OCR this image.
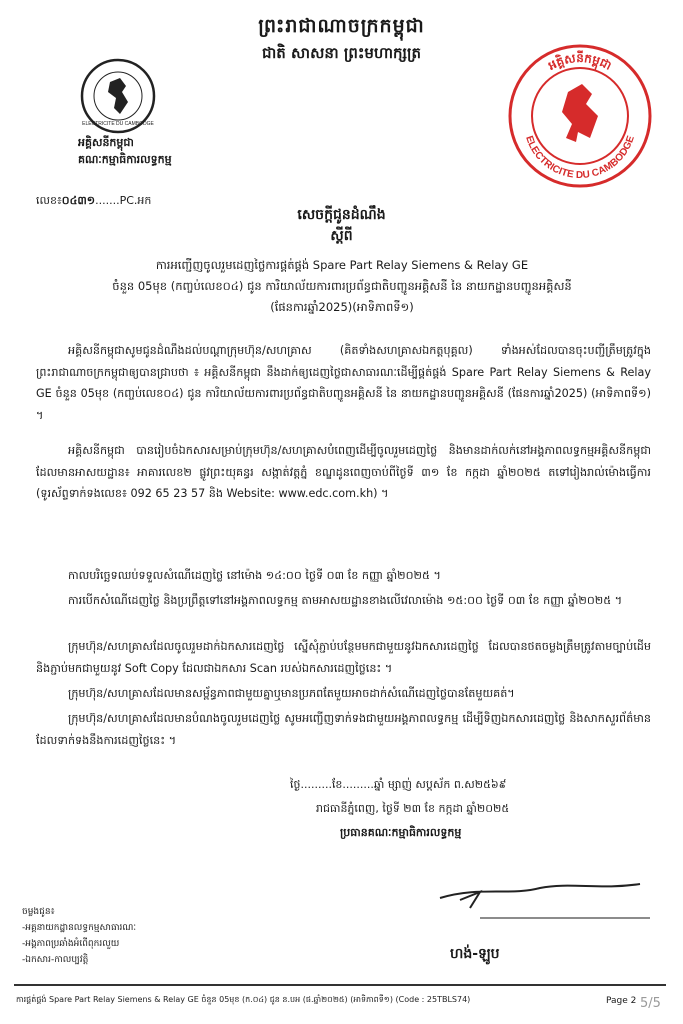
ព្រះរាជាណាចក្រកម្ពុជា
ជាតិ សាសនា ព្រះមហាក្សត្រ
ELECTRICITE DU CAMBODGE
អគ្គិសនីកម្ពុជា
គណៈកម្មាធិការលទ្ធកម្ម
លេខ៖០៤៣១.......PC.អក
អគ្គិសនីកម្ពុជា
ELECTRICITE DU CAMBODGE
សេចក្តីជូនដំណឹង
ស្តីពី
ការអញ្ជើញចូលរួមដេញថ្លៃការផ្គត់ផ្គង់ Spare Part Relay Siemens & Relay GE
ចំនួន 05មុខ (កញ្ចប់លេខ០៤) ជូន ការិយាល័យការពារប្រព័ន្ធជាតិបញ្ជូនអគ្គិសនី នៃ នាយកដ្ឋានបញ្ជូនអគ្គិសនី
(ផែនការឆ្នាំ2025)(អាទិភាពទី១)
អគ្គិសនីកម្ពុជាសូមជូនដំណឹងដល់បណ្តាក្រុមហ៊ុន/សហគ្រាស (គិតទាំងសហគ្រាសឯកត្តបុគ្គល) ទាំងអស់ដែលបានចុះបញ្ជីត្រឹមត្រូវក្នុងព្រះរាជាណាចក្រកម្ពុជាឲ្យបានជ្រាបថា ៖ អគ្គិសនីកម្ពុជា នឹងដាក់ឲ្យដេញថ្លៃជាសាធារណៈដើម្បីផ្គត់ផ្គង់ Spare Part Relay Siemens & Relay GE ចំនួន 05មុខ (កញ្ចប់លេខ០៤) ជូន ការិយាល័យការពារប្រព័ន្ធជាតិបញ្ជូនអគ្គិសនី នៃ នាយកដ្ឋានបញ្ជូនអគ្គិសនី (ផែនការឆ្នាំ2025) (អាទិភាពទី១) ។
អគ្គិសនីកម្ពុជា បានរៀបចំឯកសារសម្រាប់ក្រុមហ៊ុន/សហគ្រាសបំពេញដើម្បីចូលរួមដេញថ្លៃ និងមានដាក់លក់នៅអង្គភាពលទ្ធកម្មអគ្គិសនីកម្ពុជា ដែលមានអាសយដ្ឋាន៖ អាគារលេខ២ ផ្លូវព្រះយុគន្ធរ សង្កាត់វត្តភ្នំ ខណ្ឌដូនពេញចាប់ពីថ្ងៃទី ៣១ ខែ កក្កដា ឆ្នាំ២០២៥ តទៅរៀងរាល់ម៉ោងធ្វើការ (ទូរស័ព្ទទាក់ទងលេខ៖ 092 65 23 57 និង Website: www.edc.com.kh) ។
កាលបរិច្ឆេទឈប់ទទួលសំណើដេញថ្លៃ នៅម៉ោង ១៤:០០ ថ្ងៃទី ០៣ ខែ កញ្ញា ឆ្នាំ២០២៥ ។
ការបើកសំណើដេញថ្លៃ និងប្រព្រឹត្តទៅនៅអង្គភាពលទ្ធកម្ម តាមអាសយដ្ឋានខាងលើវេលាម៉ោង ១៥:០០ ថ្ងៃទី ០៣ ខែ កញ្ញា ឆ្នាំ២០២៥ ។
ក្រុមហ៊ុន/សហគ្រាសដែលចូលរួមដាក់ឯកសារដេញថ្លៃ ស្នើសុំភ្ជាប់បន្ថែមមកជាមួយនូវឯកសារដេញថ្លៃ ដែលបានថតចម្លងត្រឹមត្រូវតាមច្បាប់ដើម និងភ្ជាប់មកជាមួយនូវ Soft Copy ដែលជាឯកសារ Scan របស់ឯកសារដេញថ្លៃនេះ ។
ក្រុមហ៊ុន/សហគ្រាសដែលមានសម្ព័ន្ធភាពជាមួយគ្នាឬមានប្រភពតែមួយអាចដាក់សំណើដេញថ្លៃបានតែមួយគត់។
ក្រុមហ៊ុន/សហគ្រាសដែលមានបំណងចូលរួមដេញថ្លៃ សូមអញ្ជើញទាក់ទងជាមួយអង្គភាពលទ្ធកម្ម ដើម្បីទិញឯកសារដេញថ្លៃ និងសាកសួរព័ត៌មាន ដែលទាក់ទងនឹងការដេញថ្លៃនេះ ។
ថ្ងៃ.........ខែ.........ឆ្នាំ ម្សាញ់ សប្តស័ក ព.ស២៥៦៩
រាជធានីភ្នំពេញ, ថ្ងៃទី ២៣ ខែ កក្កដា ឆ្នាំ២០២៥
ប្រធានគណៈកម្មាធិការលទ្ធកម្ម
ហង់-ឡូប
ចម្លងជូន៖
-អគ្គនាយកដ្ឋានលទ្ធកម្មសាធារណៈ
-អង្គភាពប្រឆាំងអំពើពុករលួយ
-ឯកសារ-កាលប្បវត្តិ
ការផ្គត់ផ្គង់ Spare Part Relay Siemens & Relay GE ចំនួន 05មុខ (ក.០៤) ជូន ន.បអ (ផ.ឆ្នាំ២០២៥) (អាទិភាពទី១) (Code : 25TBLS74)	Page 2 5/5
